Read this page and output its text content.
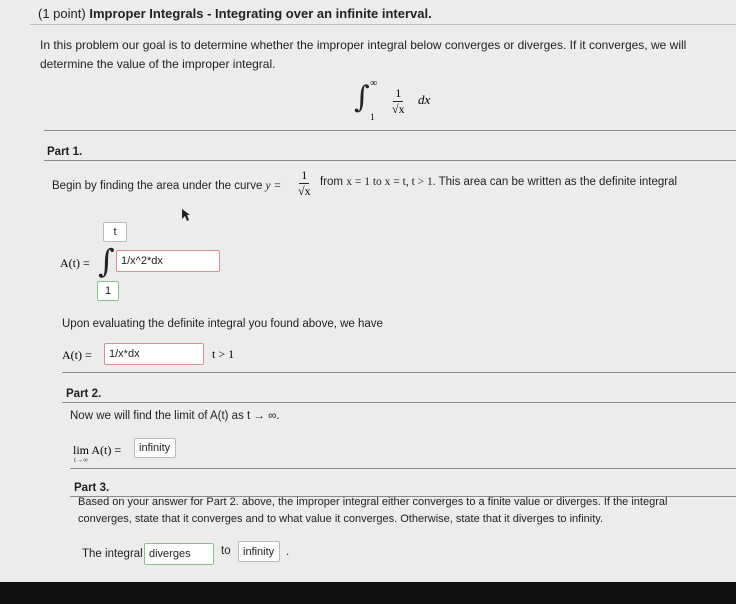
(1 point) Improper Integrals - Integrating over an infinite interval.
In this problem our goal is to determine whether the improper integral below converges or diverges. If it converges, we will
determine the value of the improper integral.
∫ ∞
$1 \frac{1}{√x}$ dx
Part 1.
Begin by finding the area under the curve $y = \frac{1}{√x}$ from x = 1 to x = t, t > 1. This area can be written as the definite integral
t
A(t) = ∫ 1/x^2*dx
1
Upon evaluating the definite integral you found above, we have
A(t) =	1/x*dx	t > 1
Part 2.
Now we will find the limit of A(t) as t → ∞.
lim A(t) =
t→∞
infinity
Part 3.
Based on your answer for Part 2. above, the improper integral either converges to a finite value or diverges. If the integral
converges, state that it converges and to what value it converges. Otherwise, state that it diverges to infinity.
The integral diverges	to	infinity	.
